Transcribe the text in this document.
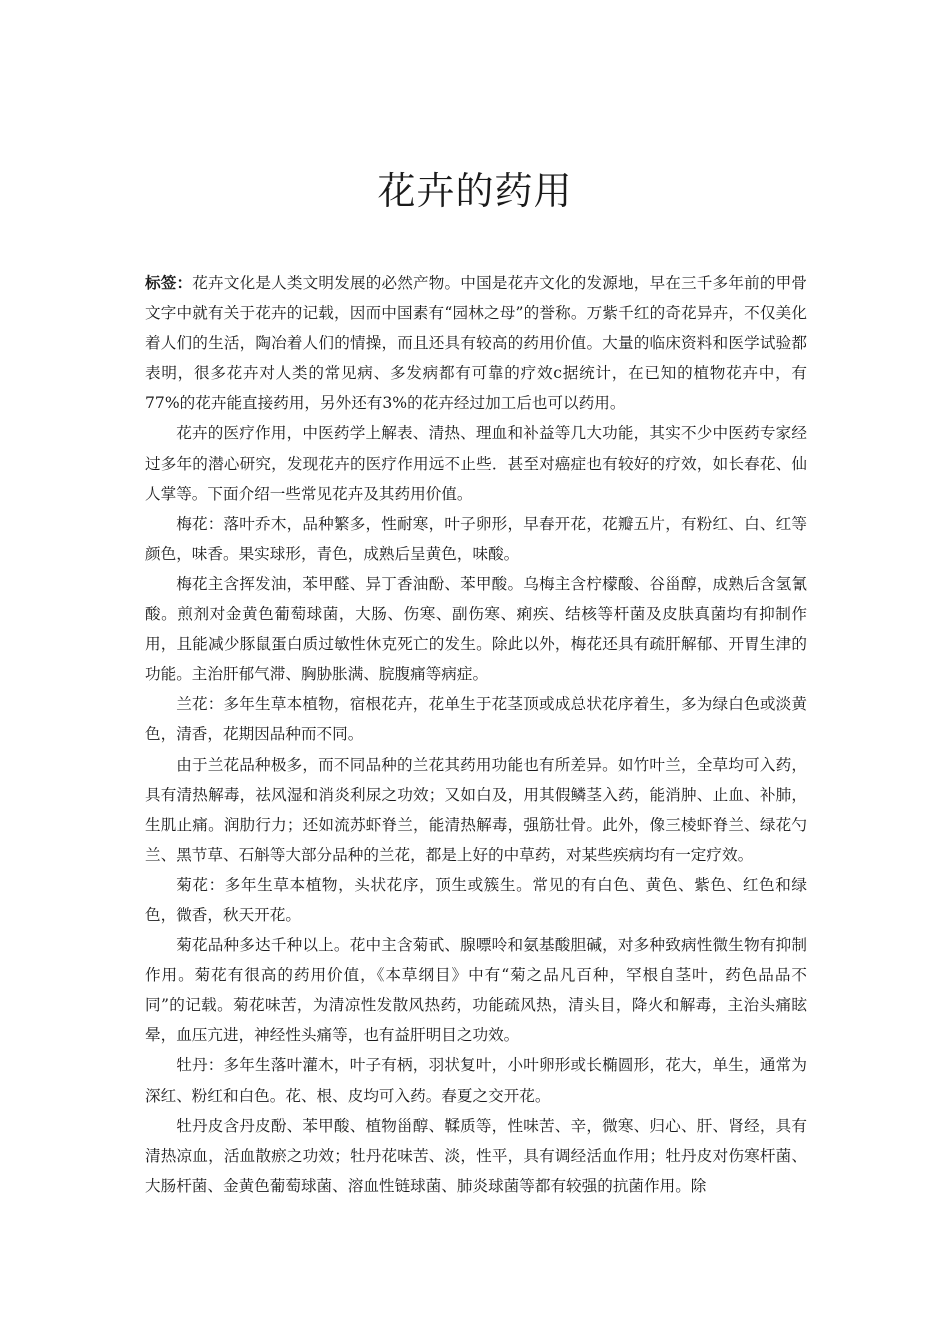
花卉的药用

标签：花卉文化是人类文明发展的必然产物。中国是花卉文化的发源地，早在三千多年前的甲骨文字中就有关于花卉的记载，因而中国素有“园林之母”的誉称。万紫千红的奇花异卉，不仅美化着人们的生活，陶冶着人们的情操，而且还具有较高的药用价值。大量的临床资料和医学试验都表明，很多花卉对人类的常见病、多发病都有可靠的疗效c据统计，在已知的植物花卉中，有77%的花卉能直接药用，另外还有3%的花卉经过加工后也可以药用。

花卉的医疗作用，中医药学上解表、清热、理血和补益等几大功能，其实不少中医药专家经过多年的潜心研究，发现花卉的医疗作用远不止些．甚至对癌症也有较好的疗效，如长春花、仙人掌等。下面介绍一些常见花卉及其药用价值。

梅花：落叶乔木，品种繁多，性耐寒，叶子卵形，早春开花，花瓣五片，有粉红、白、红等颜色，味香。果实球形，青色，成熟后呈黄色，味酸。

梅花主含挥发油，苯甲醛、异丁香油酚、苯甲酸。乌梅主含柠檬酸、谷甾醇，成熟后含氢氰酸。煎剂对金黄色葡萄球菌，大肠、伤寒、副伤寒、痢疾、结核等杆菌及皮肤真菌均有抑制作用，且能减少豚鼠蛋白质过敏性休克死亡的发生。除此以外，梅花还具有疏肝解郁、开胃生津的功能。主治肝郁气滞、胸胁胀满、脘腹痛等病症。

兰花：多年生草本植物，宿根花卉，花单生于花茎顶或成总状花序着生，多为绿白色或淡黄色，清香，花期因品种而不同。

由于兰花品种极多，而不同品种的兰花其药用功能也有所差异。如竹叶兰，全草均可入药，具有清热解毒，祛风湿和消炎利尿之功效；又如白及，用其假鳞茎入药，能消肿、止血、补肺，生肌止痛。润肋行力；还如流苏虾脊兰，能清热解毒，强筋壮骨。此外，像三棱虾脊兰、绿花勺兰、黑节草、石斛等大部分品种的兰花，都是上好的中草药，对某些疾病均有一定疗效。

菊花：多年生草本植物，头状花序，顶生或簇生。常见的有白色、黄色、紫色、红色和绿色，微香，秋天开花。

菊花品种多达千种以上。花中主含菊甙、腺嘌呤和氨基酸胆碱，对多种致病性微生物有抑制作用。菊花有很高的药用价值，《本草纲目》中有“菊之品凡百种，罕根自茎叶，药色品品不同”的记载。菊花味苦，为清凉性发散风热药，功能疏风热，清头目，降火和解毒，主治头痛眩晕，血压亢进，神经性头痛等，也有益肝明目之功效。

牡丹：多年生落叶灌木，叶子有柄，羽状复叶，小叶卵形或长椭圆形，花大，单生，通常为深红、粉红和白色。花、根、皮均可入药。春夏之交开花。

牡丹皮含丹皮酚、苯甲酸、植物甾醇、鞣质等，性味苦、辛，微寒、归心、肝、肾经，具有清热凉血，活血散瘀之功效；牡丹花味苦、淡，性平，具有调经活血作用；牡丹皮对伤寒杆菌、大肠杆菌、金黄色葡萄球菌、溶血性链球菌、肺炎球菌等都有较强的抗菌作用。除
